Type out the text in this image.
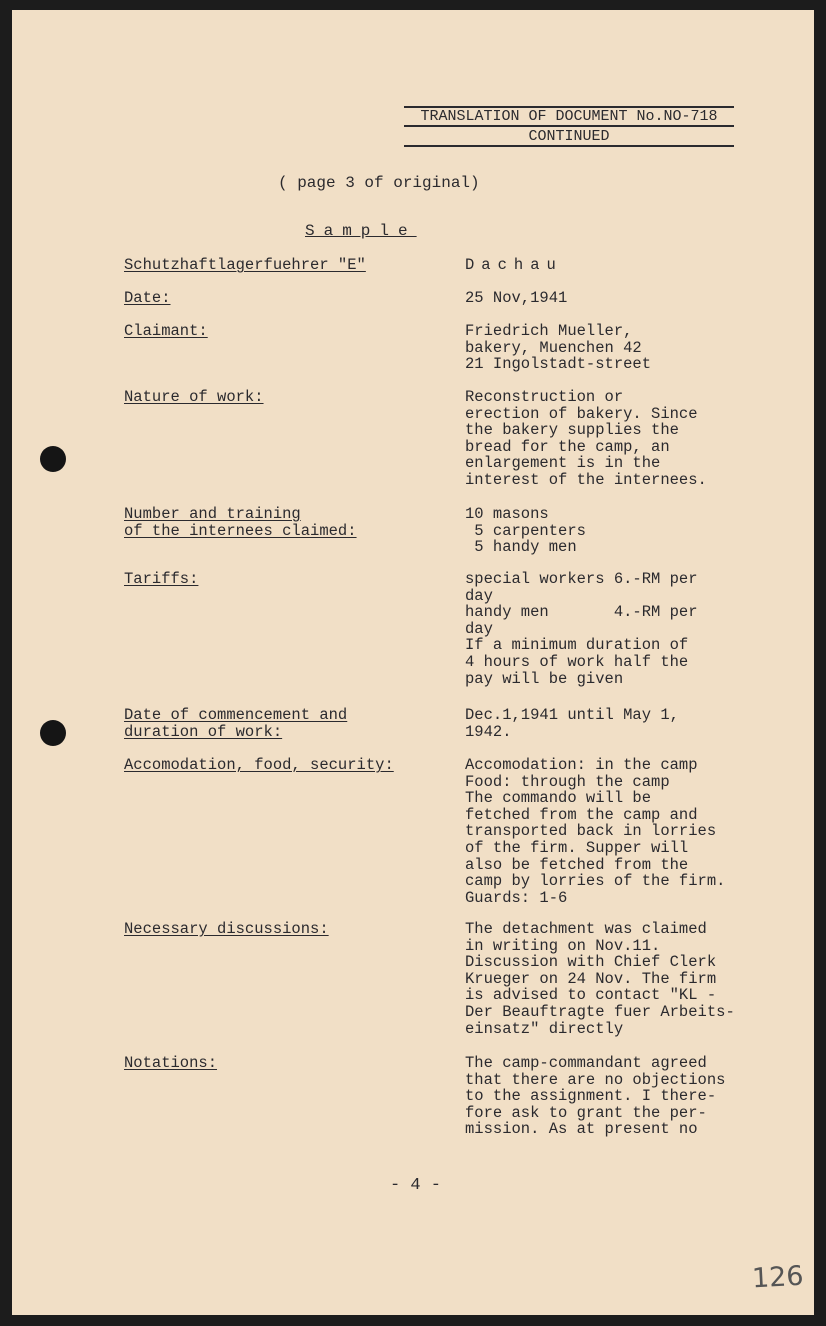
TRANSLATION OF DOCUMENT No.NO-718
CONTINUED
( page 3 of original)
Sample
Schutzhaftlagerfuehrer "E"	Dachau
Date:	25 Nov,1941
Claimant:	Friedrich Mueller,
bakery, Muenchen 42
21 Ingolstadt-street
Nature of work:	Reconstruction or
erection of bakery. Since
the bakery supplies the
bread for the camp, an
enlargement is in the
interest of the internees.
Number and training
of the internees claimed:
10 masons
5 carpenters
5 handy men
Tariffs:	special workers 6.-RM per
day
handy men       4.-RM per
day
If a minimum duration of
4 hours of work half the
pay will be given
Date of commencement and
duration of work:
Dec.1,1941 until May 1,
1942.
Accomodation, food, security:	Accomodation: in the camp
Food: through the camp
The commando will be
fetched from the camp and
transported back in lorries
of the firm. Supper will
also be fetched from the
camp by lorries of the firm.
Guards: 1-6
Necessary discussions:	The detachment was claimed
in writing on Nov.11.
Discussion with Chief Clerk
Krueger on 24 Nov. The firm
is advised to contact "KL -
Der Beauftragte fuer Arbeits-
einsatz" directly
Notations:	The camp-commandant agreed
that there are no objections
to the assignment. I there-
fore ask to grant the per-
mission. As at present no
- 4 -
126
